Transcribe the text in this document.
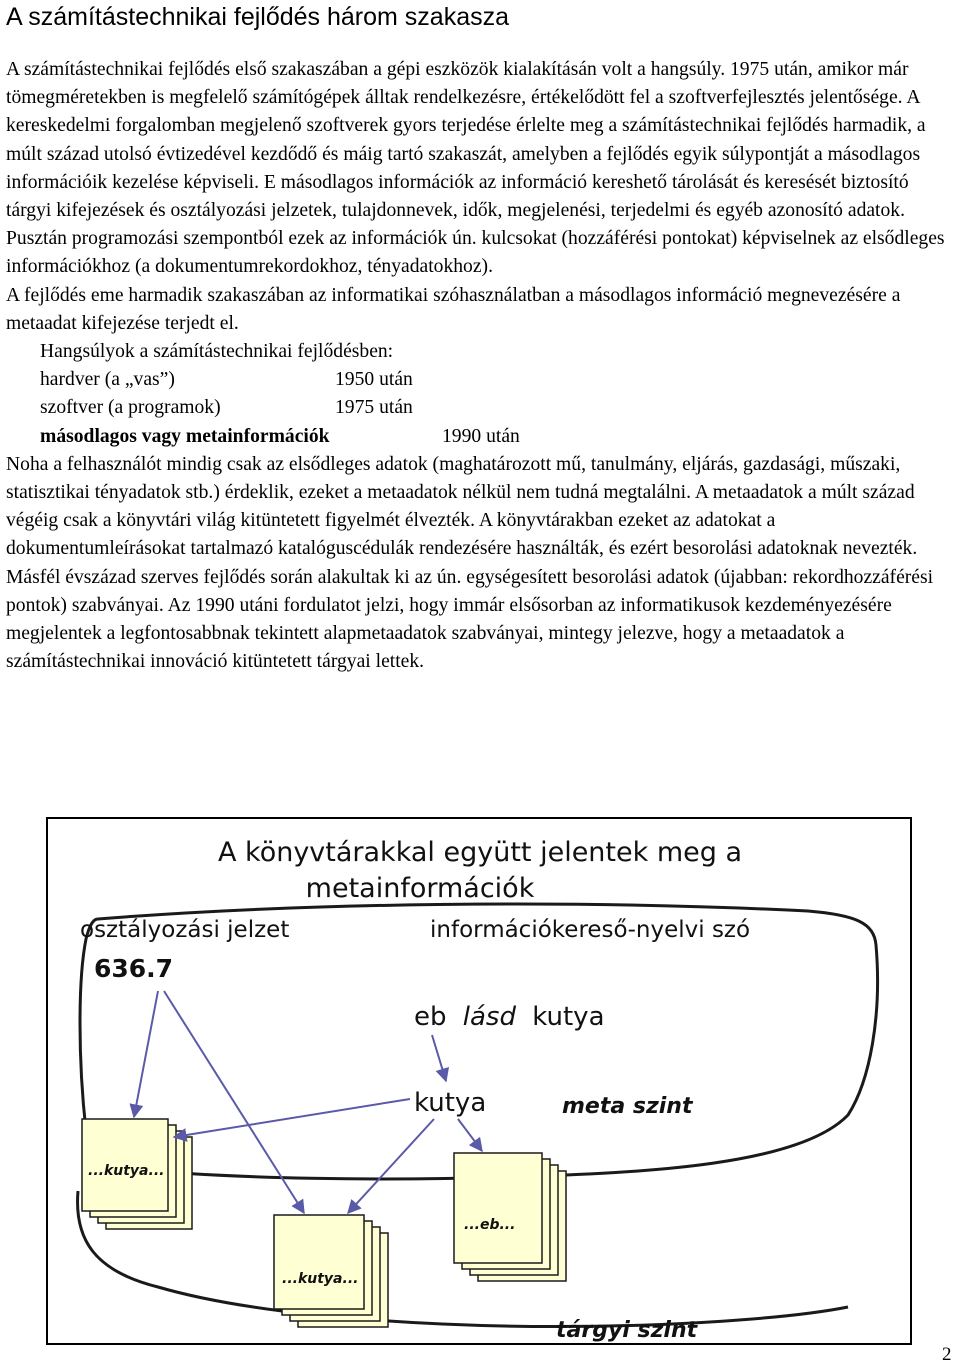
A számítástechnikai fejlődés három szakasza

A számítástechnikai fejlődés első szakaszában a gépi eszközök kialakításán volt a hangsúly. 1975 után, amikor már tömegméretekben is megfelelő számítógépek álltak rendelkezésre, értékelődött fel a szoftverfejlesztés jelentősége. A kereskedelmi forgalomban megjelenő szoftverek gyors terjedése érlelte meg a számítástechnikai fejlődés harmadik, a múlt század utolsó évtizedével kezdődő és máig tartó szakaszát, amelyben a fejlődés egyik súlypontját a másodlagos információik kezelése képviseli. E másodlagos információk az információ kereshető tárolását és keresését biztosító tárgyi kifejezések és osztályozási jelzetek, tulajdonnevek, idők, megjelenési, terjedelmi és egyéb azonosító adatok. Pusztán programozási szempontból ezek az információk ún. kulcsokat (hozzáférési pontokat) képviselnek az elsődleges információkhoz (a dokumentumrekordokhoz, tényadatokhoz).

A fejlődés eme harmadik szakaszában az informatikai szóhasználatban a másodlagos információ megnevezésére a metaadat kifejezése terjedt el.

Hangsúlyok a számítástechnikai fejlődésben:
hardver (a „vas”)	1950 után
szoftver (a programok)	1975 után
másodlagos vagy metainformációk	1990 után

Noha a felhasználót mindig csak az elsődleges adatok (maghatározott mű, tanulmány, eljárás, gazdasági, műszaki, statisztikai tényadatok stb.) érdeklik, ezeket a metaadatok nélkül nem tudná megtalálni. A metaadatok a múlt század végéig csak a könyvtári világ kitüntetett figyelmét élvezték. A könyvtárakban ezeket az adatokat a dokumentumleírásokat tartalmazó katalóguscédulák rendezésére használták, és ezért besorolási adatoknak nevezték. Másfél évszázad szerves fejlődés során alakultak ki az ún. egységesített besorolási adatok (újabban: rekordhozzáférési pontok) szabványai. Az 1990 utáni fordulatot jelzi, hogy immár elsősorban az informatikusok kezdeményezésére megjelentek a legfontosabbnak tekintett alapmetaadatok szabványai, mintegy jelezve, hogy a metaadatok a számítástechnikai innováció kitüntetett tárgyai lettek.

A könyvtárakkal együtt jelentek meg a
metainformációk
osztályozási jelzet
636.7
információkereső-nyelvi szó
eb lásd kutya
kutya	meta szint
...kutya...
...kutya...
...eb...
tárgyi szint
2
